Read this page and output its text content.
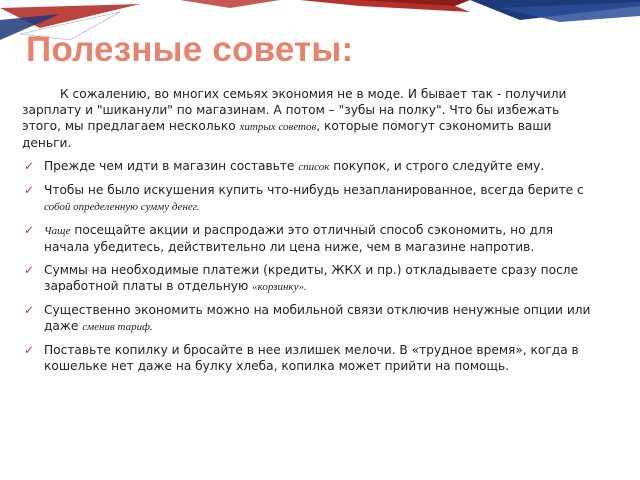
Полезные советы:

К сожалению, во многих семьях экономия не в моде. И бывает так - получили зарплату и "шиканули" по магазинам. А потом – "зубы на полку". Что бы избежать этого, мы предлагаем несколько хитрых советов, которые помогут сэкономить ваши деньги.

✓ Прежде чем идти в магазин составьте список покупок, и строго следуйте ему.
✓ Чтобы не было искушения купить что-нибудь незапланированное, всегда берите с собой определенную сумму денег.
✓ Чаще посещайте акции и распродажи это отличный способ сэкономить, но для начала убедитесь, действительно ли цена ниже, чем в магазине напротив.
✓ Суммы на необходимые платежи (кредиты, ЖКХ и пр.) откладываете сразу после заработной платы в отдельную «корзинку».
✓ Существенно экономить можно на мобильной связи отключив ненужные опции или даже сменив тариф.
✓ Поставьте копилку и бросайте в нее излишек мелочи. В «трудное время», когда в кошельке нет даже на булку хлеба, копилка может прийти на помощь.
